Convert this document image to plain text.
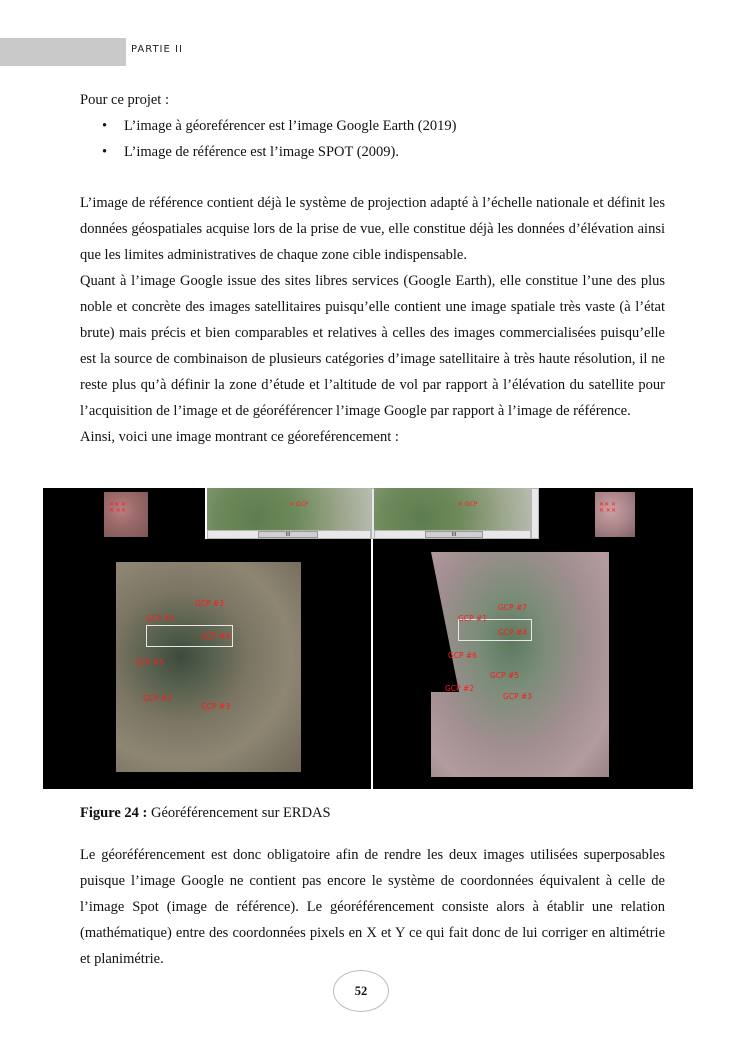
PARTIE II
Pour ce projet :
• L’image à géoreférencer est l’image Google Earth (2019)
• L’image de référence est l’image SPOT (2009).

L’image de référence contient déjà le système de projection adapté à l’échelle nationale et définit les données géospatiales acquise lors de la prise de vue, elle constitue déjà les données d’élévation ainsi que les limites administratives de chaque zone cible indispensable.

Quant à l’image Google issue des sites libres services (Google Earth), elle constitue l’une des plus noble et concrète des images satellitaires puisqu’elle contient une image spatiale très vaste (à l’état brute) mais précis et bien comparables et relatives à celles des images commercialisées puisqu’elle est la source de combinaison de plusieurs catégories d’image satellitaire à très haute résolution, il ne reste plus qu’à définir la zone d’étude et l’altitude de vol par rapport à l’élévation du satellite pour l’acquisition de l’image et de géoréférencer l’image Google par rapport à l’image de référence.

Ainsi, voici une image montrant ce géoreférencement :

✕✕ ✕
✕ ✕✕
✕ GCP
III
✕ GCP
III
✕✕ ✕
✕ ✕✕
GCP #3
GCP #1
GCP #4
GCP #5
GCP #2
GCP #3
GCP #7
GCP #1
GCP #4
GCP #6
GCP #5
GCP #2
GCP #3
Figure 24 : Géoréférencement sur ERDAS

Le géoréférencement est donc obligatoire afin de rendre les deux images utilisées superposables puisque l’image Google ne contient pas encore le système de coordonnées équivalent à celle de l’image Spot (image de référence). Le géoréférencement consiste alors à établir une relation (mathématique) entre des coordonnées pixels en X et Y ce qui fait donc de lui corriger en altimétrie et planimétrie.

52
